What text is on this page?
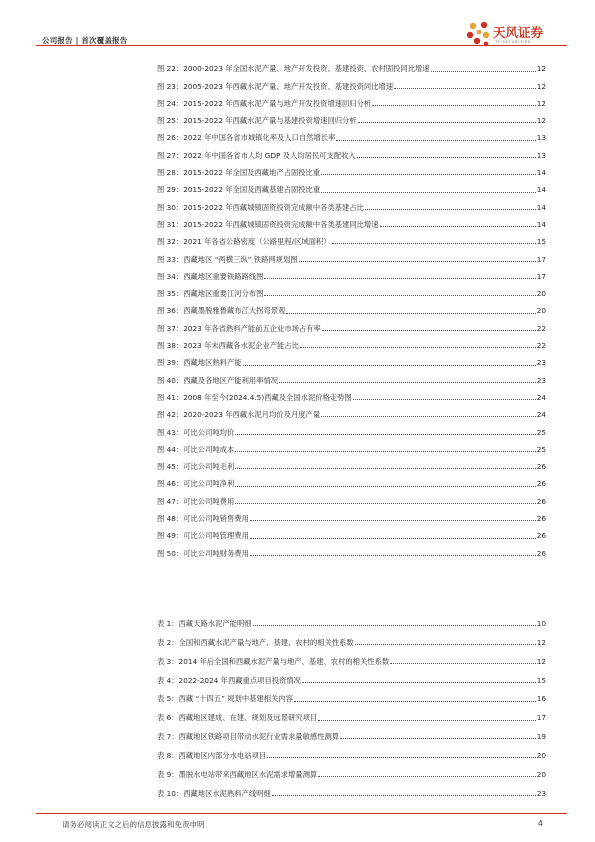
公司报告 | 首次覆盖报告
天风证券
TF SECURITIES
图 22：2000-2023 年全国水泥产量、地产开发投资、基建投资、农村固投同比增速	12
图 23：2005-2023 年西藏水泥产量、地产开发投资、基建投资同比增速	12
图 24：2015-2022 年西藏水泥产量与地产开发投资增速回归分析	12
图 25：2015-2022 年西藏水泥产量与基建投资增速回归分析	12
图 26：2022 年中国各省市城镇化率及人口自然增长率	13
图 27：2022 年中国各省市人均 GDP 及人均居民可支配收入	13
图 28：2015-2022 年全国及西藏地产占固投比重	14
图 29：2015-2022 年全国及西藏基建占固投比重	14
图 30：2015-2022 年西藏城镇固资投资完成额中各类基建占比	14
图 31：2015-2022 年西藏城镇固资投资完成额中各类基建同比增速	14
图 32：2021 年各省公路密度（公路里程/区域面积）	15
图 33：西藏地区 “两横三纵” 铁路网规划图	17
图 34：西藏地区重要铁路路线图	17
图 35：西藏地区重要江河分布图	20
图 36：西藏墨脱雅鲁藏布江大拐弯景观	20
图 37：2023 年各省熟料产能前五企业市场占有率	22
图 38：2023 年末西藏各水泥企业产能占比	22
图 39：西藏地区熟料产能	23
图 40：西藏及各地区产能利用率情况	23
图 41：2008 年至今(2024.4.5)西藏及全国水泥价格走势图	24
图 42：2020-2023 年西藏水泥月均价及月度产量	24
图 43：可比公司吨均价	25
图 44：可比公司吨成本	25
图 45：可比公司吨毛利	26
图 46：可比公司吨净利	26
图 47：可比公司吨费用	26
图 48：可比公司吨销售费用	26
图 49：可比公司吨管理费用	26
图 50：可比公司吨财务费用	26
表 1：西藏天路水泥产能明细	10
表 2：全国和西藏水泥产量与地产、基建、农村的相关性系数	12
表 3：2014 年后全国和西藏水泥产量与地产、基建、农村的相关性系数	12
表 4：2022-2024 年西藏重点项目投资情况	15
表 5：西藏 “十四五” 规划中基建相关内容	16
表 6：西藏地区建成、在建、规划及远景研究项目	17
表 7：西藏地区铁路项目带动水泥行业需求量敏感性测算	19
表 8：西藏地区内部分水电站项目	20
表 9：墨脱水电站带来西藏地区水泥需求增量测算	20
表 10：西藏地区水泥熟料产线明细	23
请务必阅读正文之后的信息披露和免责申明	4
